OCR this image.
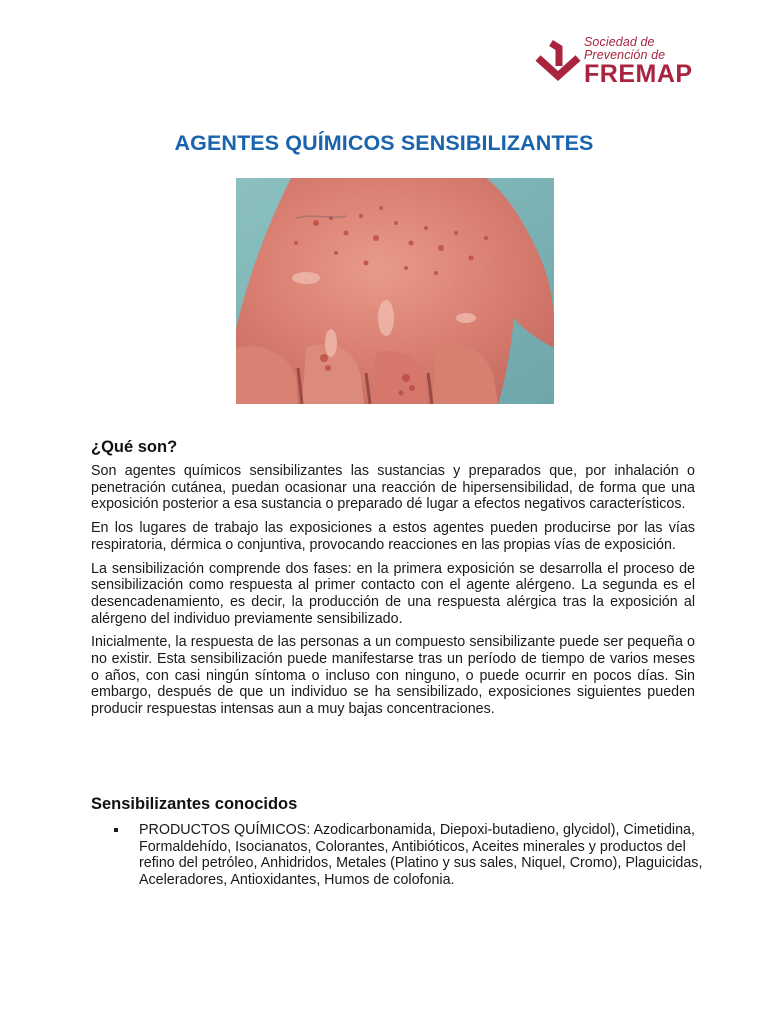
Sociedad de
Prevención de
FREMAP
AGENTES QUÍMICOS SENSIBILIZANTES
¿Qué son?

Son agentes químicos sensibilizantes las sustancias y preparados que, por inhalación o penetración cutánea, puedan ocasionar una reacción de hipersensibilidad, de forma que una exposición posterior a esa sustancia o preparado dé lugar a efectos negativos característicos.

En los lugares de trabajo las exposiciones a estos agentes pueden producirse por las vías respiratoria, dérmica o conjuntiva, provocando reacciones en las propias vías de exposición.

La sensibilización comprende dos fases: en la primera exposición se desarrolla el proceso de sensibilización como respuesta al primer contacto con el agente alérgeno. La segunda es el desencadenamiento, es decir, la producción de una respuesta alérgica tras la exposición al alérgeno del individuo previamente sensibilizado.

Inicialmente, la respuesta de las personas a un compuesto sensibilizante puede ser pequeña o no existir. Esta sensibilización puede manifestarse tras un período de tiempo de varios meses o años, con casi ningún síntoma o incluso con ninguno, o puede ocurrir en pocos días. Sin embargo, después de que un individuo se ha sensibilizado, exposiciones siguientes pueden producir respuestas intensas aun a muy bajas concentraciones.

Sensibilizantes conocidos
PRODUCTOS QUÍMICOS: Azodicarbonamida, Diepoxi-butadieno, glycidol), Cimetidina, Formaldehído, Isocianatos, Colorantes, Antibióticos, Aceites minerales y productos del refino del petróleo, Anhidridos, Metales (Platino y sus sales, Niquel, Cromo), Plaguicidas, Aceleradores, Antioxidantes, Humos de colofonia.
